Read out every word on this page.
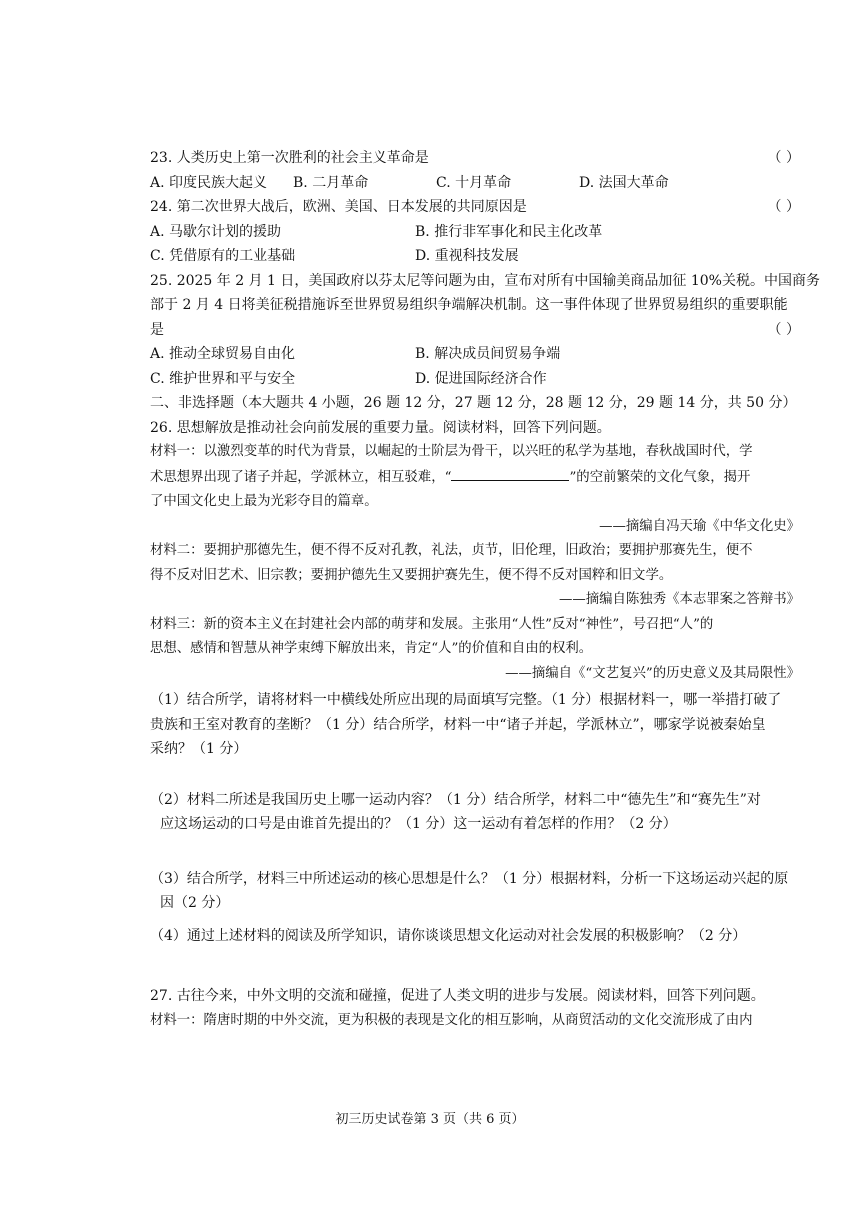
23. 人类历史上第一次胜利的社会主义革命是	（ ）
A. 印度民族大起义	B. 二月革命	C. 十月革命	D. 法国大革命
24. 第二次世界大战后，欧洲、美国、日本发展的共同原因是	（ ）
A. 马歇尔计划的援助	B. 推行非军事化和民主化改革
C. 凭借原有的工业基础	D. 重视科技发展
25. 2025 年 2 月 1 日，美国政府以芬太尼等问题为由，宣布对所有中国输美商品加征 10%关税。中国商务
部于 2 月 4 日将美征税措施诉至世界贸易组织争端解决机制。这一事件体现了世界贸易组织的重要职能
是	（ ）
A. 推动全球贸易自由化	B. 解决成员间贸易争端
C. 维护世界和平与安全	D. 促进国际经济合作
二、非选择题（本大题共 4 小题，26 题 12 分，27 题 12 分，28 题 12 分，29 题 14 分，共 50 分）
26. 思想解放是推动社会向前发展的重要力量。阅读材料，回答下列问题。
材料一：以激烈变革的时代为背景，以崛起的士阶层为骨干，以兴旺的私学为基地，春秋战国时代，学
术思想界出现了诸子并起，学派林立，相互驳难，“	”的空前繁荣的文化气象，揭开
了中国文化史上最为光彩夺目的篇章。
——摘编自冯天瑜《中华文化史》
材料二：要拥护那德先生，便不得不反对孔教，礼法，贞节，旧伦理，旧政治；要拥护那赛先生，便不
得不反对旧艺术、旧宗教；要拥护德先生又要拥护赛先生，便不得不反对国粹和旧文学。
——摘编自陈独秀《本志罪案之答辩书》
材料三：新的资本主义在封建社会内部的萌芽和发展。主张用“人性”反对“神性”，号召把“人”的
思想、感情和智慧从神学束缚下解放出来，肯定“人”的价值和自由的权利。
——摘编自《“文艺复兴”的历史意义及其局限性》
（1）结合所学，请将材料一中横线处所应出现的局面填写完整。（1 分）根据材料一，哪一举措打破了
贵族和王室对教育的垄断？（1 分）结合所学，材料一中“诸子并起，学派林立”，哪家学说被秦始皇
采纳？（1 分）
（2）材料二所述是我国历史上哪一运动内容？（1 分）结合所学，材料二中“德先生”和“赛先生”对
应这场运动的口号是由谁首先提出的？（1 分）这一运动有着怎样的作用？（2 分）
（3）结合所学，材料三中所述运动的核心思想是什么？（1 分）根据材料，分析一下这场运动兴起的原
因（2 分）
（4）通过上述材料的阅读及所学知识，请你谈谈思想文化运动对社会发展的积极影响？（2 分）
27. 古往今来，中外文明的交流和碰撞，促进了人类文明的进步与发展。阅读材料，回答下列问题。
材料一：隋唐时期的中外交流，更为积极的表现是文化的相互影响，从商贸活动的文化交流形成了由内
初三历史试卷第 3 页（共 6 页）
